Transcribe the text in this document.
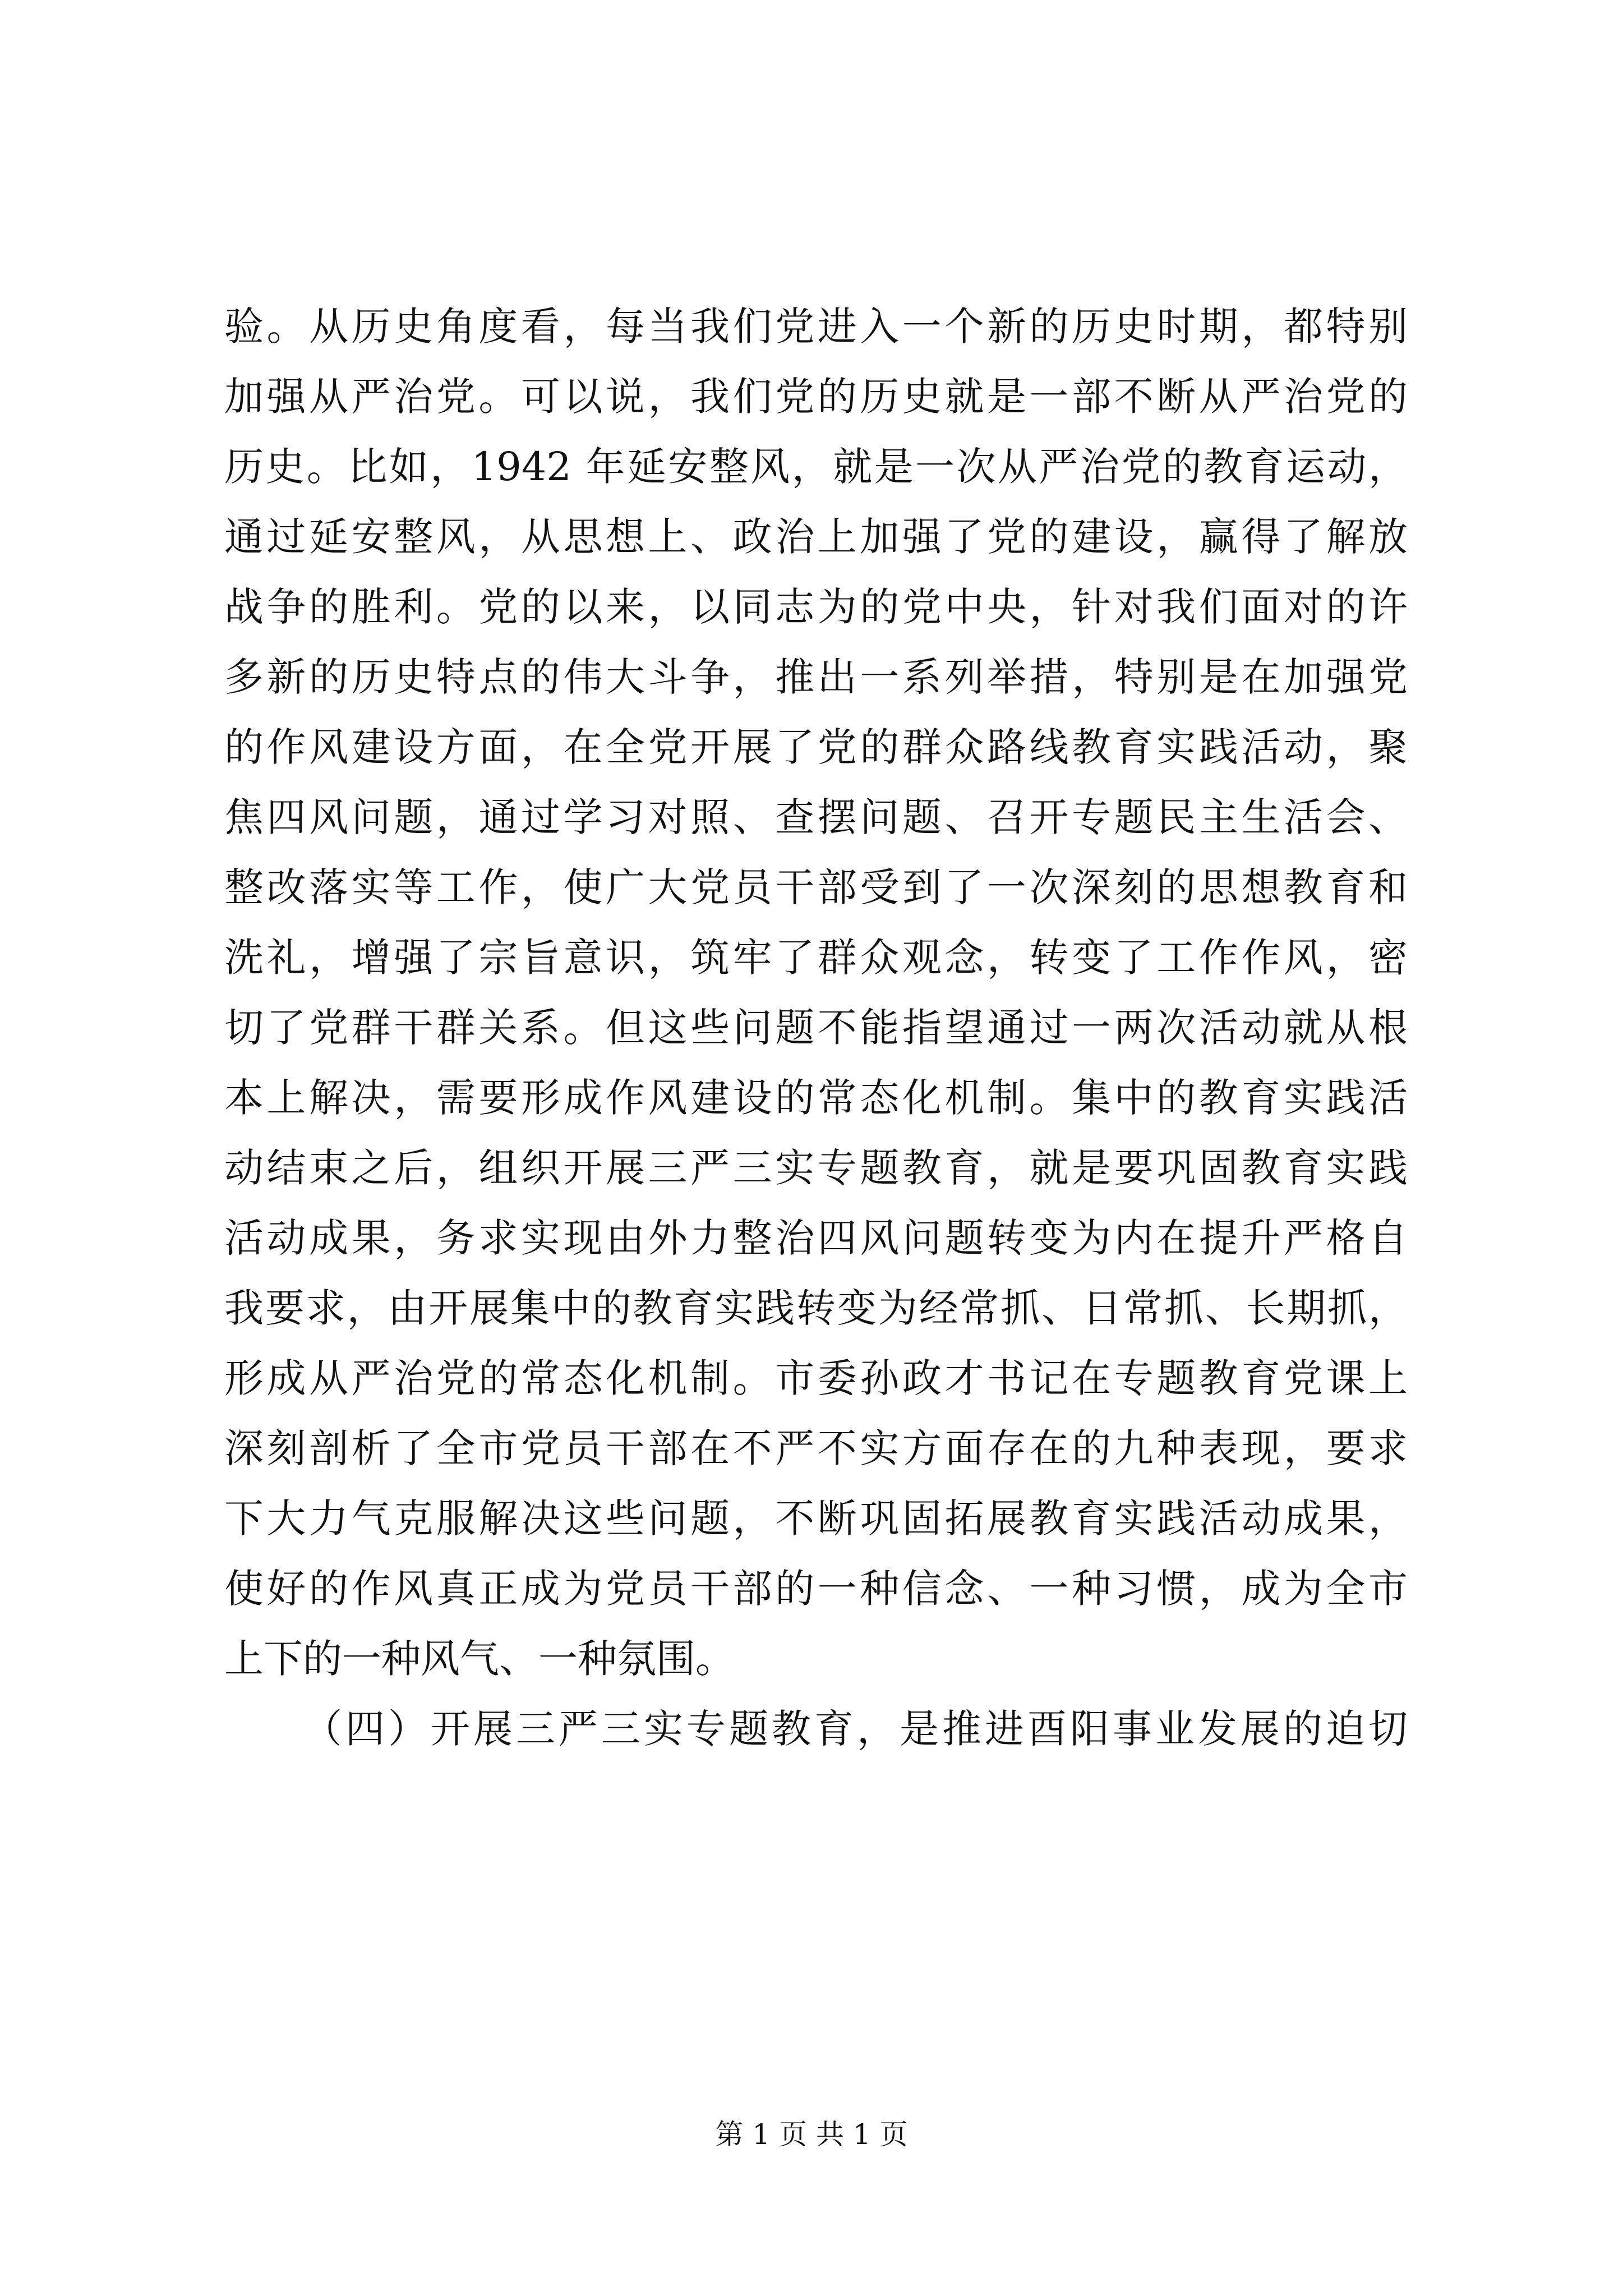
验。从历史角度看，每当我们党进入一个新的历史时期，都特别
加强从严治党。可以说，我们党的历史就是一部不断从严治党的
历史。比如，1942 年延安整风，就是一次从严治党的教育运动，
通过延安整风，从思想上、政治上加强了党的建设，赢得了解放
战争的胜利。党的以来，以同志为的党中央，针对我们面对的许
多新的历史特点的伟大斗争，推出一系列举措，特别是在加强党
的作风建设方面，在全党开展了党的群众路线教育实践活动，聚
焦四风问题，通过学习对照、查摆问题、召开专题民主生活会、
整改落实等工作，使广大党员干部受到了一次深刻的思想教育和
洗礼，增强了宗旨意识，筑牢了群众观念，转变了工作作风，密
切了党群干群关系。但这些问题不能指望通过一两次活动就从根
本上解决，需要形成作风建设的常态化机制。集中的教育实践活
动结束之后，组织开展三严三实专题教育，就是要巩固教育实践
活动成果，务求实现由外力整治四风问题转变为内在提升严格自
我要求，由开展集中的教育实践转变为经常抓、日常抓、长期抓，
形成从严治党的常态化机制。市委孙政才书记在专题教育党课上
深刻剖析了全市党员干部在不严不实方面存在的九种表现，要求
下大力气克服解决这些问题，不断巩固拓展教育实践活动成果，
使好的作风真正成为党员干部的一种信念、一种习惯，成为全市
上下的一种风气、一种氛围。
（四）开展三严三实专题教育，是推进酉阳事业发展的迫切
第 1 页 共 1 页
